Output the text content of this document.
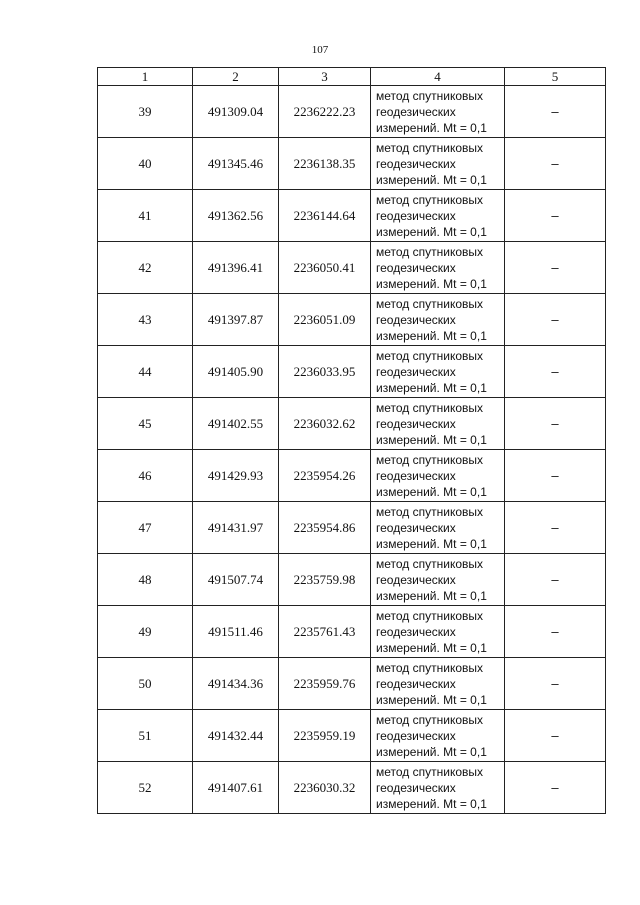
107
1	2	3	4	5
39	491309.04	2236222.23	метод спутниковых
геодезических
измерений. Mt = 0,1	–
40	491345.46	2236138.35	метод спутниковых
геодезических
измерений. Mt = 0,1	–
41	491362.56	2236144.64	метод спутниковых
геодезических
измерений. Mt = 0,1	–
42	491396.41	2236050.41	метод спутниковых
геодезических
измерений. Mt = 0,1	–
43	491397.87	2236051.09	метод спутниковых
геодезических
измерений. Mt = 0,1	–
44	491405.90	2236033.95	метод спутниковых
геодезических
измерений. Mt = 0,1	–
45	491402.55	2236032.62	метод спутниковых
геодезических
измерений. Mt = 0,1	–
46	491429.93	2235954.26	метод спутниковых
геодезических
измерений. Mt = 0,1	–
47	491431.97	2235954.86	метод спутниковых
геодезических
измерений. Mt = 0,1	–
48	491507.74	2235759.98	метод спутниковых
геодезических
измерений. Mt = 0,1	–
49	491511.46	2235761.43	метод спутниковых
геодезических
измерений. Mt = 0,1	–
50	491434.36	2235959.76	метод спутниковых
геодезических
измерений. Mt = 0,1	–
51	491432.44	2235959.19	метод спутниковых
геодезических
измерений. Mt = 0,1	–
52	491407.61	2236030.32	метод спутниковых
геодезических
измерений. Mt = 0,1	–
